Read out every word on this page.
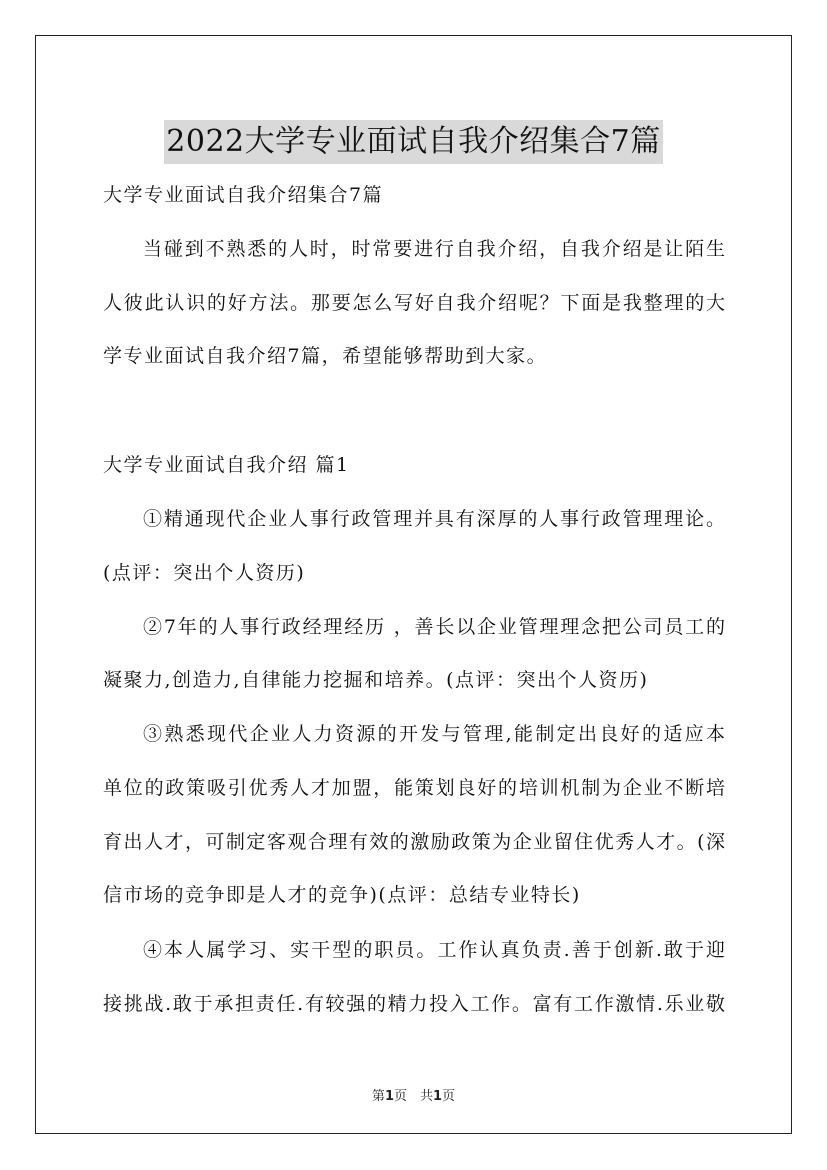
2022大学专业面试自我介绍集合7篇
大学专业面试自我介绍集合7篇
当碰到不熟悉的人时，时常要进行自我介绍，自我介绍是让陌生
人彼此认识的好方法。那要怎么写好自我介绍呢？下面是我整理的大
学专业面试自我介绍7篇，希望能够帮助到大家。
大学专业面试自我介绍 篇1
①精通现代企业人事行政管理并具有深厚的人事行政管理理论。
(点评：突出个人资历)
②7年的人事行政经理经历 ，善长以企业管理理念把公司员工的
凝聚力,创造力,自律能力挖掘和培养。(点评：突出个人资历)
③熟悉现代企业人力资源的开发与管理,能制定出良好的适应本
单位的政策吸引优秀人才加盟，能策划良好的培训机制为企业不断培
育出人才，可制定客观合理有效的激励政策为企业留住优秀人才。(深
信市场的竞争即是人才的竞争)(点评：总结专业特长)
④本人属学习、实干型的职员。工作认真负责.善于创新.敢于迎
接挑战.敢于承担责任.有较强的精力投入工作。富有工作激情.乐业敬
第1页　共1页
